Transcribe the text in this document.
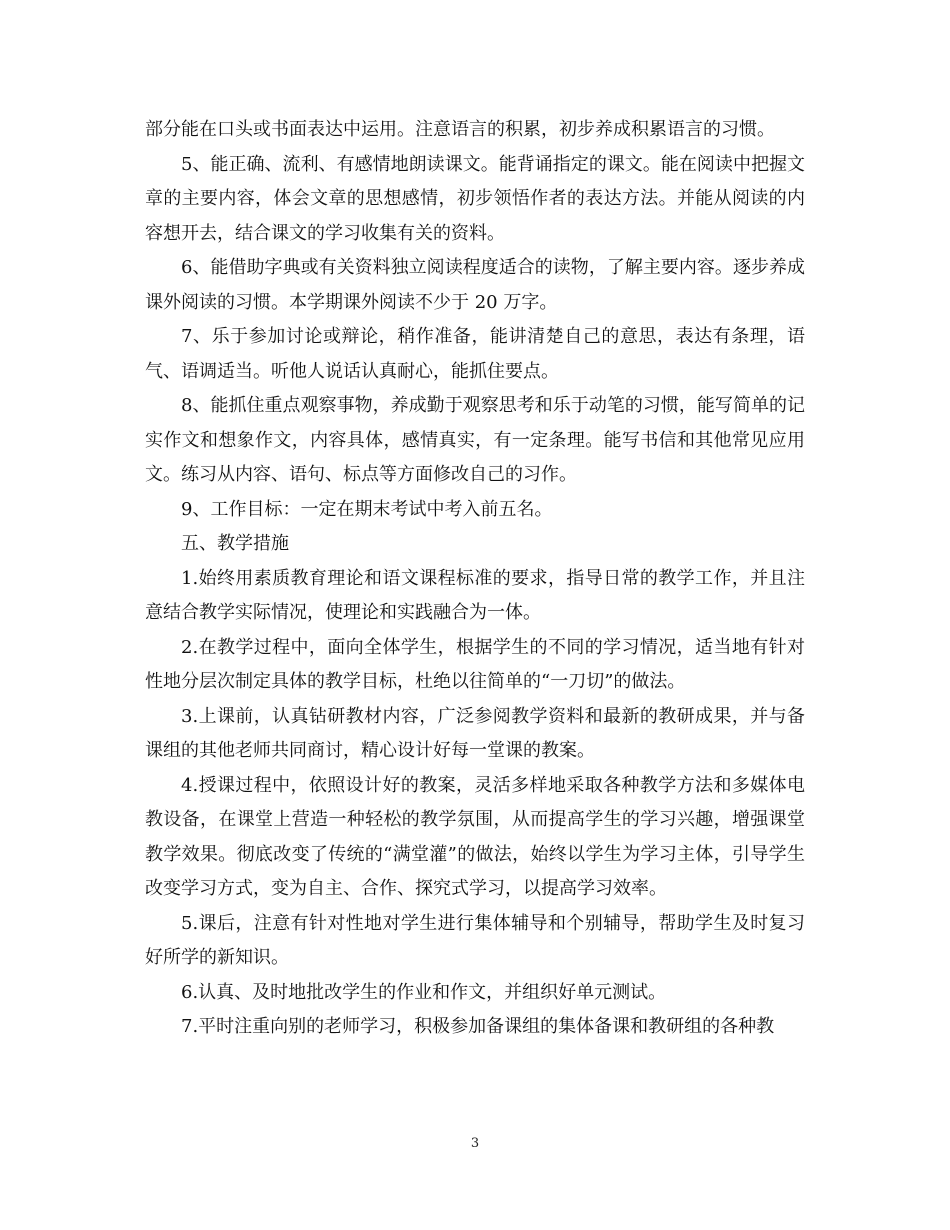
部分能在口头或书面表达中运用。注意语言的积累，初步养成积累语言的习惯。

5、能正确、流利、有感情地朗读课文。能背诵指定的课文。能在阅读中把握文章的主要内容，体会文章的思想感情，初步领悟作者的表达方法。并能从阅读的内容想开去，结合课文的学习收集有关的资料。

6、能借助字典或有关资料独立阅读程度适合的读物，了解主要内容。逐步养成课外阅读的习惯。本学期课外阅读不少于 20 万字。

7、乐于参加讨论或辩论，稍作准备，能讲清楚自己的意思，表达有条理，语气、语调适当。听他人说话认真耐心，能抓住要点。

8、能抓住重点观察事物，养成勤于观察思考和乐于动笔的习惯，能写简单的记实作文和想象作文，内容具体，感情真实，有一定条理。能写书信和其他常见应用文。练习从内容、语句、标点等方面修改自己的习作。

9、工作目标：一定在期末考试中考入前五名。

五、教学措施

1.始终用素质教育理论和语文课程标准的要求，指导日常的教学工作，并且注意结合教学实际情况，使理论和实践融合为一体。

2.在教学过程中，面向全体学生，根据学生的不同的学习情况，适当地有针对性地分层次制定具体的教学目标，杜绝以往简单的“一刀切”的做法。

3.上课前，认真钻研教材内容，广泛参阅教学资料和最新的教研成果，并与备课组的其他老师共同商讨，精心设计好每一堂课的教案。

4.授课过程中，依照设计好的教案，灵活多样地采取各种教学方法和多媒体电教设备，在课堂上营造一种轻松的教学氛围，从而提高学生的学习兴趣，增强课堂教学效果。彻底改变了传统的“满堂灌”的做法，始终以学生为学习主体，引导学生改变学习方式，变为自主、合作、探究式学习，以提高学习效率。

5.课后，注意有针对性地对学生进行集体辅导和个别辅导，帮助学生及时复习好所学的新知识。

6.认真、及时地批改学生的作业和作文，并组织好单元测试。

7.平时注重向别的老师学习，积极参加备课组的集体备课和教研组的各种教

3
